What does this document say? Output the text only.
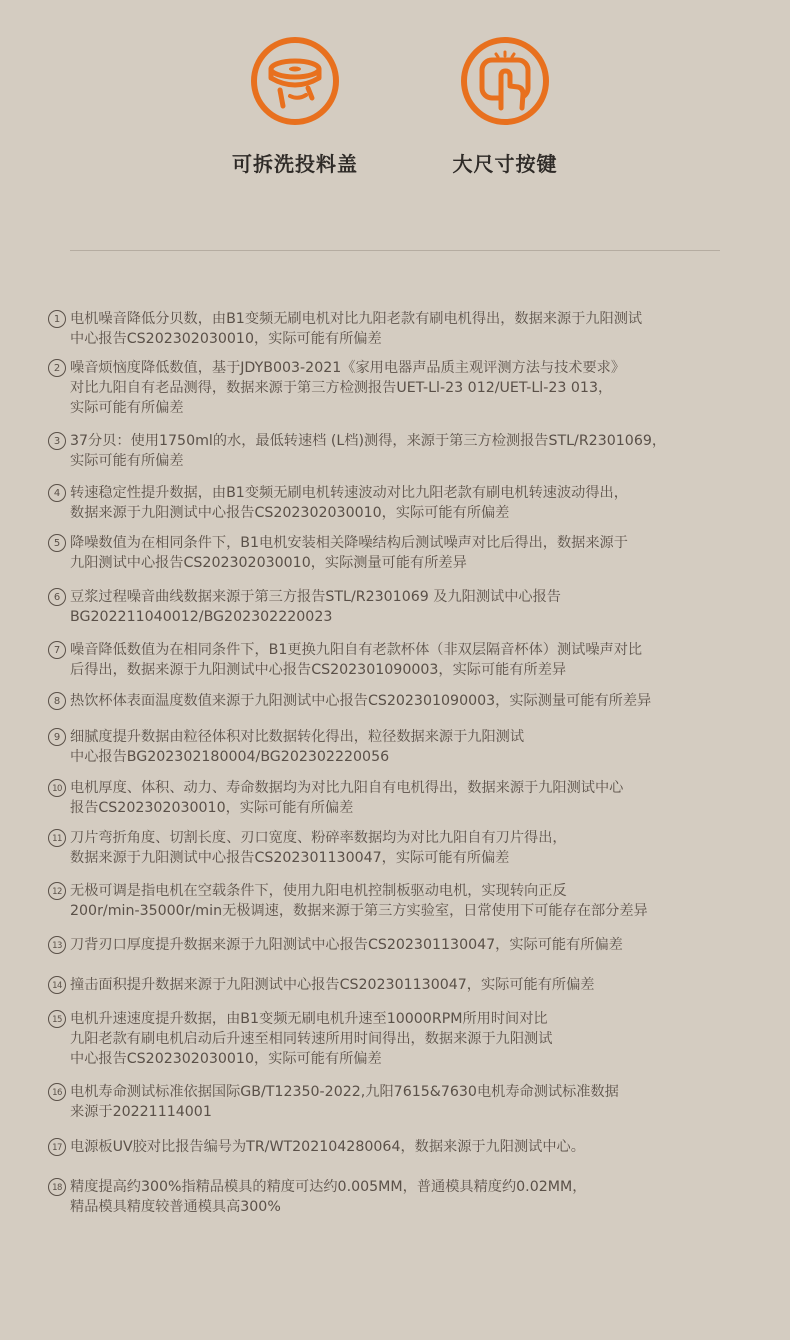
可拆洗投料盖	大尺寸按键
1 电机噪音降低分贝数，由B1变频无刷电机对比九阳老款有刷电机得出，数据来源于九阳测试
中心报告CS202302030010，实际可能有所偏差
2 噪音烦恼度降低数值，基于JDYB003-2021《家用电器声品质主观评测方法与技术要求》
对比九阳自有老品测得，数据来源于第三方检测报告UET-Ll-23 012/UET-Ll-23 013，
实际可能有所偏差
3 37分贝：使用1750ml的水，最低转速档 (L档)测得，来源于第三方检测报告STL/R2301069，
实际可能有所偏差
4 转速稳定性提升数据，由B1变频无刷电机转速波动对比九阳老款有刷电机转速波动得出，
数据来源于九阳测试中心报告CS202302030010，实际可能有所偏差
5 降噪数值为在相同条件下，B1电机安装相关降噪结构后测试噪声对比后得出，数据来源于
九阳测试中心报告CS202302030010，实际测量可能有所差异
6 豆浆过程噪音曲线数据来源于第三方报告STL/R2301069 及九阳测试中心报告
BG202211040012/BG202302220023
7 噪音降低数值为在相同条件下，B1更换九阳自有老款杯体（非双层隔音杯体）测试噪声对比
后得出，数据来源于九阳测试中心报告CS202301090003，实际可能有所差异
8 热饮杯体表面温度数值来源于九阳测试中心报告CS202301090003，实际测量可能有所差异
9 细腻度提升数据由粒径体积对比数据转化得出，粒径数据来源于九阳测试
中心报告BG202302180004/BG202302220056
10 电机厚度、体积、动力、寿命数据均为对比九阳自有电机得出，数据来源于九阳测试中心
报告CS202302030010，实际可能有所偏差
11 刀片弯折角度、切割长度、刃口宽度、粉碎率数据均为对比九阳自有刀片得出，
数据来源于九阳测试中心报告CS202301130047，实际可能有所偏差
12 无极可调是指电机在空载条件下，使用九阳电机控制板驱动电机，实现转向正反
200r/min-35000r/min无极调速，数据来源于第三方实验室，日常使用下可能存在部分差异
13 刀背刃口厚度提升数据来源于九阳测试中心报告CS202301130047，实际可能有所偏差
14 撞击面积提升数据来源于九阳测试中心报告CS202301130047，实际可能有所偏差
15 电机升速速度提升数据，由B1变频无刷电机升速至10000RPM所用时间对比
九阳老款有刷电机启动后升速至相同转速所用时间得出，数据来源于九阳测试
中心报告CS202302030010，实际可能有所偏差
16 电机寿命测试标准依据国际GB/T12350-2022,九阳7615&7630电机寿命测试标准数据
来源于20221114001
17 电源板UV胶对比报告编号为TR/WT202104280064，数据来源于九阳测试中心。
18 精度提高约300%指精品模具的精度可达约0.005MM，普通模具精度约0.02MM，
精品模具精度较普通模具高300%
